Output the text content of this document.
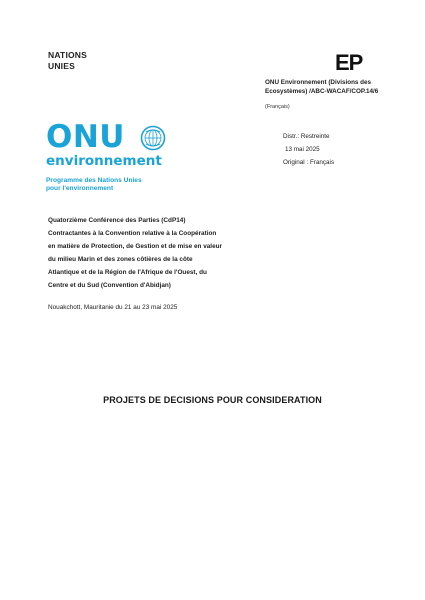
NATIONS
UNIES	EP
ONU Environnement (Divisions des
Ecosystèmes) /ABC-WACAF/COP.14/6
(Français)
ONU
environnement
Programme des Nations Unies
pour l'environnement
Distr.: Restreinte
13 mai 2025
Original : Français
Quatorzième Conférence des Parties (CdP14)
Contractantes à la Convention relative à la Coopération
en matière de Protection, de Gestion et de mise en valeur
du milieu Marin et des zones côtières de la côte
Atlantique et de la Région de l'Afrique de l'Ouest, du
Centre et du Sud (Convention d'Abidjan)
Nouakchott, Mauritanie du 21 au 23 mai 2025
PROJETS DE DECISIONS POUR CONSIDERATION
